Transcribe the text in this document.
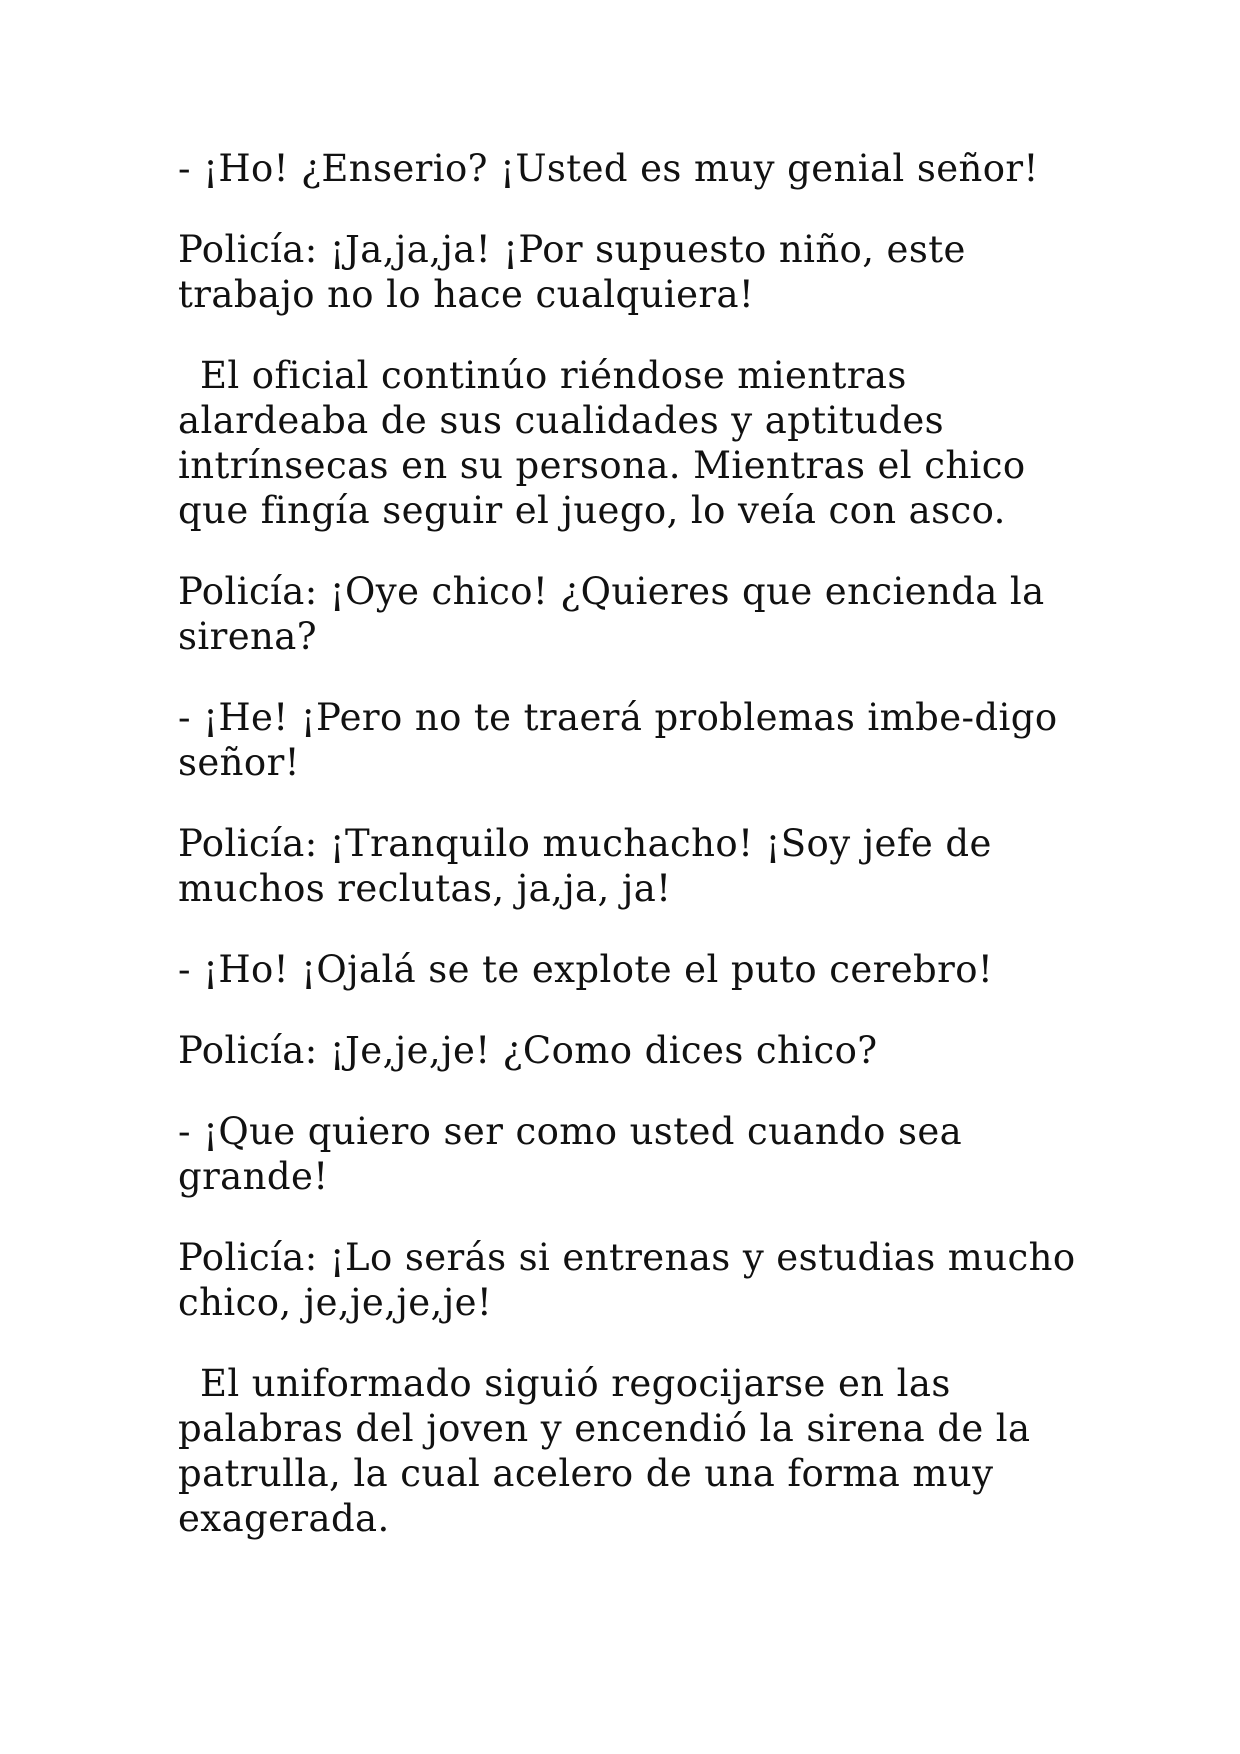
- ¡Ho! ¿Enserio? ¡Usted es muy genial señor!

Policía: ¡Ja,ja,ja! ¡Por supuesto niño, este trabajo no lo hace cualquiera!

El oficial continúo riéndose mientras alardeaba de sus cualidades y aptitudes intrínsecas en su persona. Mientras el chico que fingía seguir el juego, lo veía con asco.

Policía: ¡Oye chico! ¿Quieres que encienda la sirena?

- ¡He! ¡Pero no te traerá problemas imbe-digo señor!

Policía: ¡Tranquilo muchacho! ¡Soy jefe de muchos reclutas, ja,ja, ja!

- ¡Ho! ¡Ojalá se te explote el puto cerebro!

Policía: ¡Je,je,je! ¿Como dices chico?

- ¡Que quiero ser como usted cuando sea grande!

Policía: ¡Lo serás si entrenas y estudias mucho chico, je,je,je,je!

El uniformado siguió regocijarse en las palabras del joven y encendió la sirena de la patrulla, la cual acelero de una forma muy exagerada.
